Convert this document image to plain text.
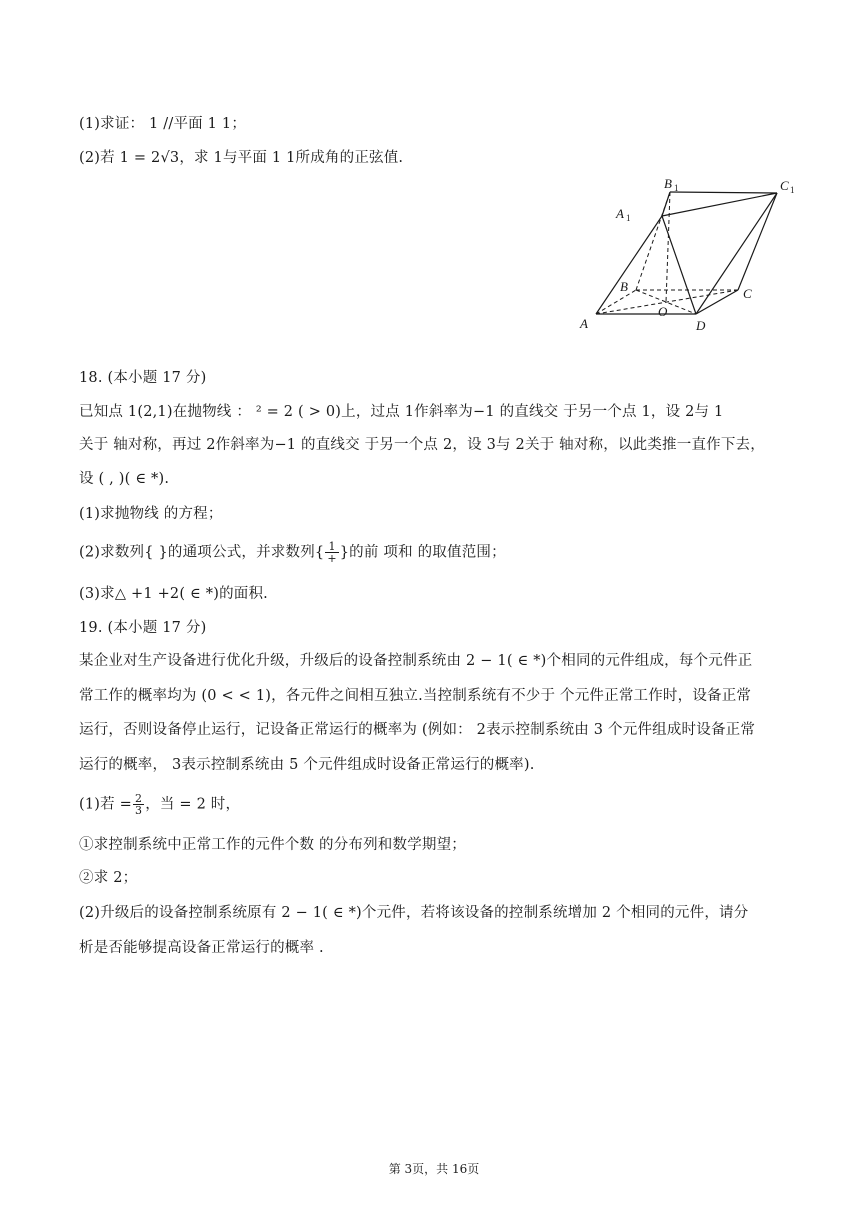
(1)求证： 1 //平面 1 1；
(2)若 1 = 2√3，求 1与平面 1 1所成角的正弦值.
A
B	C
D
O
A 1
B 1	C 1
18. (本小题 17 分)
已知点 1(2,1)在抛物线 ： ² = 2 ( > 0)上，过点 1作斜率为−1 的直线交 于另一个点 1，设 2与 1
关于 轴对称，再过 2作斜率为−1 的直线交 于另一个点 2，设 3与 2关于 轴对称，以此类推一直作下去，
设 ( , )( ∈ *).
(1)求抛物线 的方程；
(2)求数列{ }的通项公式，并求数列{ $\frac{1}{+}$ }的前 项和 的取值范围；
(3)求△ +1 +2( ∈ *)的面积.
19. (本小题 17 分)
某企业对生产设备进行优化升级，升级后的设备控制系统由 2 − 1( ∈ *)个相同的元件组成，每个元件正
常工作的概率均为 (0 < < 1)，各元件之间相互独立.当控制系统有不少于 个元件正常工作时，设备正常
运行，否则设备停止运行，记设备正常运行的概率为 (例如： 2表示控制系统由 3 个元件组成时设备正常
运行的概率， 3表示控制系统由 5 个元件组成时设备正常运行的概率).
(1)若 = $\frac{2}{3}$ ，当 = 2 时，
①求控制系统中正常工作的元件个数 的分布列和数学期望；
②求 2；
(2)升级后的设备控制系统原有 2 − 1( ∈ *)个元件，若将该设备的控制系统增加 2 个相同的元件，请分
析是否能够提高设备正常运行的概率 .
第 3页，共 16页
